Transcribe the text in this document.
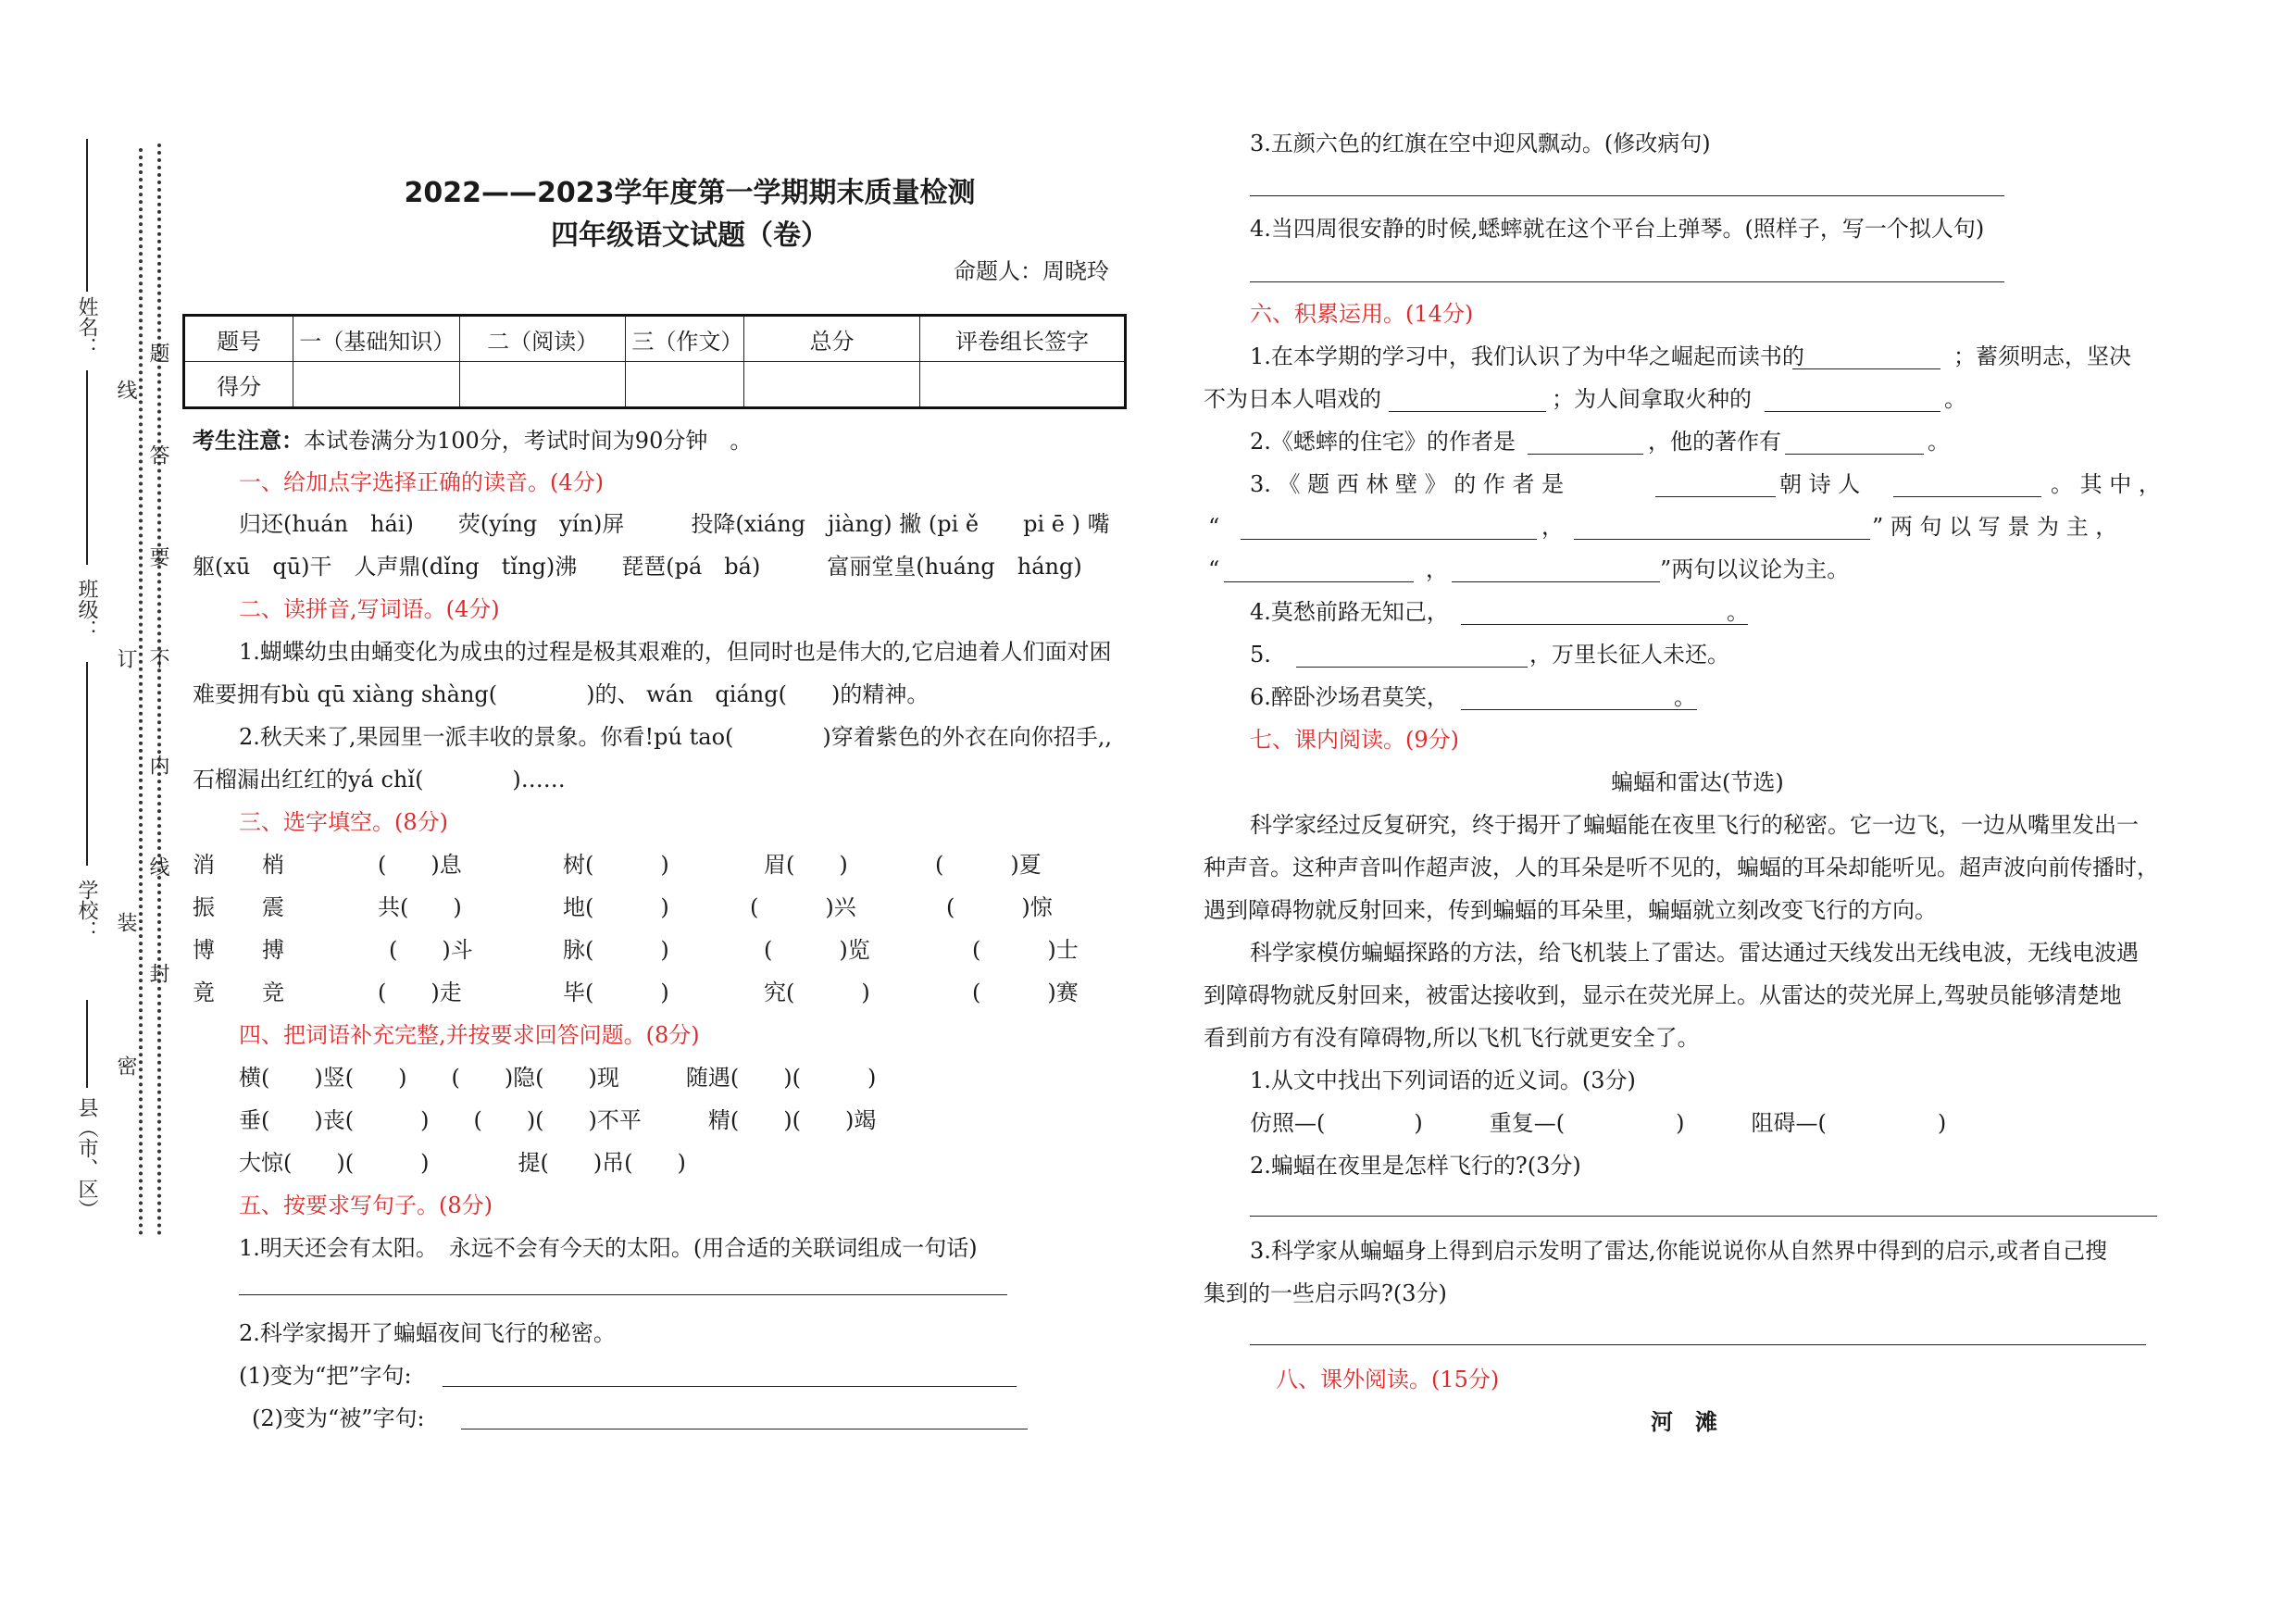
姓名：
班级：
学校：
县（市、区）
线
订
装
密
题
答
要
不
内
线
封
2022——2023学年度第一学期期末质量检测
四年级语文试题（卷）
命题人：周晓玲
题号	一（基础知识）	二（阅读）	三（作文）	总分	评卷组长签字
得分					
考生注意：本试卷满分为100分，考试时间为90分钟　。
一、给加点字选择正确的读音。(4分)
归还(huán　hái)　　荧(yíng　yín)屏　　　投降(xiáng　jiàng) 撇 (pi ě　　pi ē ) 嘴
躯(xū　qū)干　人声鼎(dǐng　tǐng)沸　　琵琶(pá　bá)　　　富丽堂皇(huáng　háng)
二、读拼音,写词语。(4分)
1.蝴蝶幼虫由蛹变化为成虫的过程是极其艰难的，但同时也是伟大的,它启迪着人们面对困
难要拥有bù qū xiàng shàng(　　　　)的、 wán　qiáng(　　)的精神。
2.秋天来了,果园里一派丰收的景象。你看!pú tao(　　　　)穿着紫色的外衣在向你招手,,
石榴漏出红红的yá chǐ(　　　　)……
三、选字填空。(8分)
消 梢	(　　)息	树(　　　)	眉(　　)	(　　　)夏
振 震	共(　　)	地(　　　)	(　　　)兴	(　　　)惊
博 搏	(　　)斗	脉(　　　)	(　　　)览	(　　　)士
竟 竞	(　　)走	毕(　　　)	究(　　　)	(　　　)赛
四、把词语补充完整,并按要求回答问题。(8分)
横(　　)竖(　　)　　(　　)隐(　　)现　　　随遇(　　)(　　　)
垂(　　)丧(　　　)　　(　　)(　　)不平　　　精(　　)(　　)竭
大惊(　　)(　　　)　　　　提(　　)吊(　　)
五、按要求写句子。(8分)
1.明天还会有太阳。　永远不会有今天的太阳。(用合适的关联词组成一句话)
2.科学家揭开了蝙蝠夜间飞行的秘密。
(1)变为“把”字句:
(2)变为“被”字句:
3.五颜六色的红旗在空中迎风飘动。(修改病句)
4.当四周很安静的时候,蟋蟀就在这个平台上弹琴。(照样子，写一个拟人句)
六、积累运用。(14分)
1.在本学期的学习中，我们认识了为中华之崛起而读书的	；蓄须明志，坚决
不为日本人唱戏的	；为人间拿取火种的	。
2.《蟋蟀的住宅》的作者是	，他的著作有	。
3. 《 题 西 林 壁 》 的 作 者 是	朝 诗 人	。 其 中 ，
“	，	” 两 句 以 写 景 为 主 ，
“	，	”两句以议论为主。
4.莫愁前路无知己，	。
5.	，万里长征人未还。
6.醉卧沙场君莫笑，	。
七、课内阅读。(9分)
蝙蝠和雷达(节选)
科学家经过反复研究，终于揭开了蝙蝠能在夜里飞行的秘密。它一边飞，一边从嘴里发出一
种声音。这种声音叫作超声波，人的耳朵是听不见的，蝙蝠的耳朵却能听见。超声波向前传播时，
遇到障碍物就反射回来，传到蝙蝠的耳朵里，蝙蝠就立刻改变飞行的方向。
科学家模仿蝙蝠探路的方法，给飞机装上了雷达。雷达通过天线发出无线电波，无线电波遇
到障碍物就反射回来，被雷达接收到，显示在荧光屏上。从雷达的荧光屏上,驾驶员能够清楚地
看到前方有没有障碍物,所以飞机飞行就更安全了。
1.从文中找出下列词语的近义词。(3分)
仿照—(　　　　)　　　重复—(　　　　　)　　　阻碍—(　　　　　)
2.蝙蝠在夜里是怎样飞行的?(3分)
3.科学家从蝙蝠身上得到启示发明了雷达,你能说说你从自然界中得到的启示,或者自己搜
集到的一些启示吗?(3分)
八、课外阅读。(15分)
河　滩
